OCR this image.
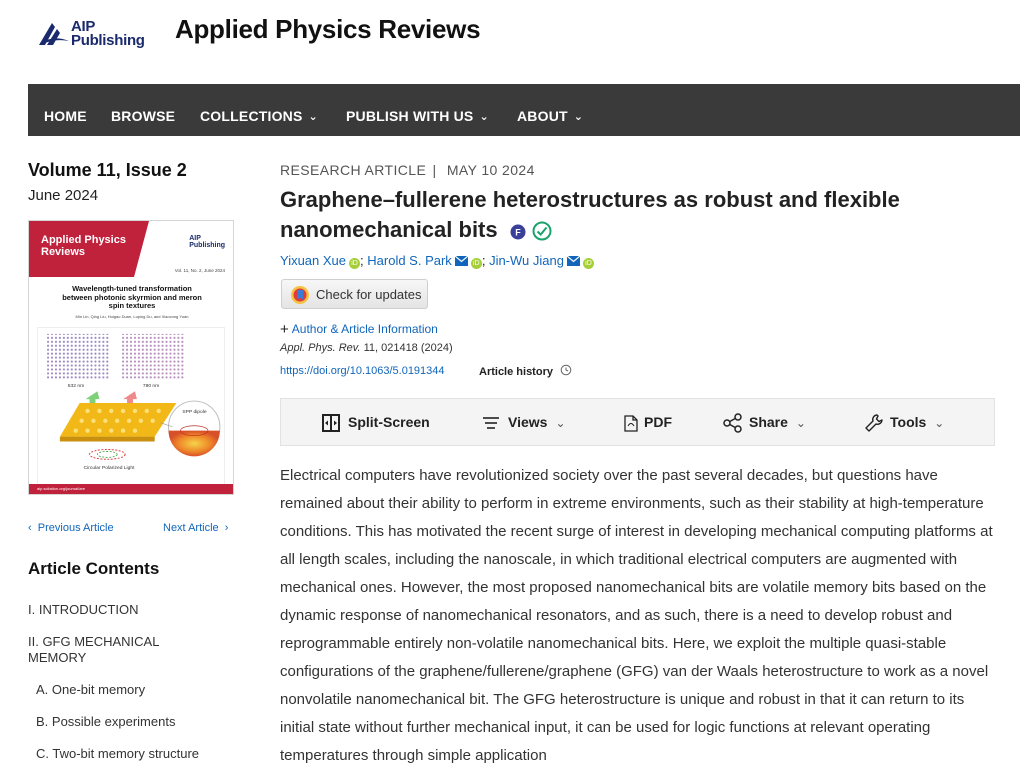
AIP
Publishing Applied Physics Reviews
HOME BROWSE COLLECTIONS ⌄ PUBLISH WITH US ⌄ ABOUT ⌄
Volume 11, Issue 2
June 2024
Applied Physics Reviews
AIP
Publishing
Vol. 11, No. 2, June 2024
Wavelength-tuned transformation between photonic skyrmion and meron spin textures
Min Lin, Qing Liu, Huigao Duan, Luping Du, and Xiaocong Yuan
532 nm	780 nm
Circular Polarized Light
SPP dipole
aip.scitation.org/journal/are
‹ Previous Article	Next Article ›
Article Contents
I. INTRODUCTION
II. GFG MECHANICAL MEMORY
A. One-bit memory
B. Possible experiments
C. Two-bit memory structure
RESEARCH ARTICLE | MAY 10 2024
Graphene–fullerene heterostructures as robust and flexible nanomechanical bits F

Yixuan Xue iD ; Harold S. Park	iD ; Jin-Wu Jiang	iD
Check for updates
+ Author & Article Information
Appl. Phys. Rev. 11, 021418 (2024)
https://doi.org/10.1063/5.0191344	Article history
Split-Screen	Views ⌄	PDF	Share ⌄	Tools ⌄
Electrical computers have revolutionized society over the past several decades, but questions have remained about their ability to perform in extreme environments, such as their stability at high-temperature conditions. This has motivated the recent surge of interest in developing mechanical computing platforms at all length scales, including the nanoscale, in which traditional electrical computers are augmented with mechanical ones. However, the most proposed nanomechanical bits are volatile memory bits based on the dynamic response of nanomechanical resonators, and as such, there is a need to develop robust and reprogrammable entirely non-volatile nanomechanical bits. Here, we exploit the multiple quasi-stable configurations of the graphene/fullerene/graphene (GFG) van der Waals heterostructure to work as a novel nonvolatile nanomechanical bit. The GFG heterostructure is unique and robust in that it can return to its initial state without further mechanical input, it can be used for logic functions at relevant operating temperatures through simple application
